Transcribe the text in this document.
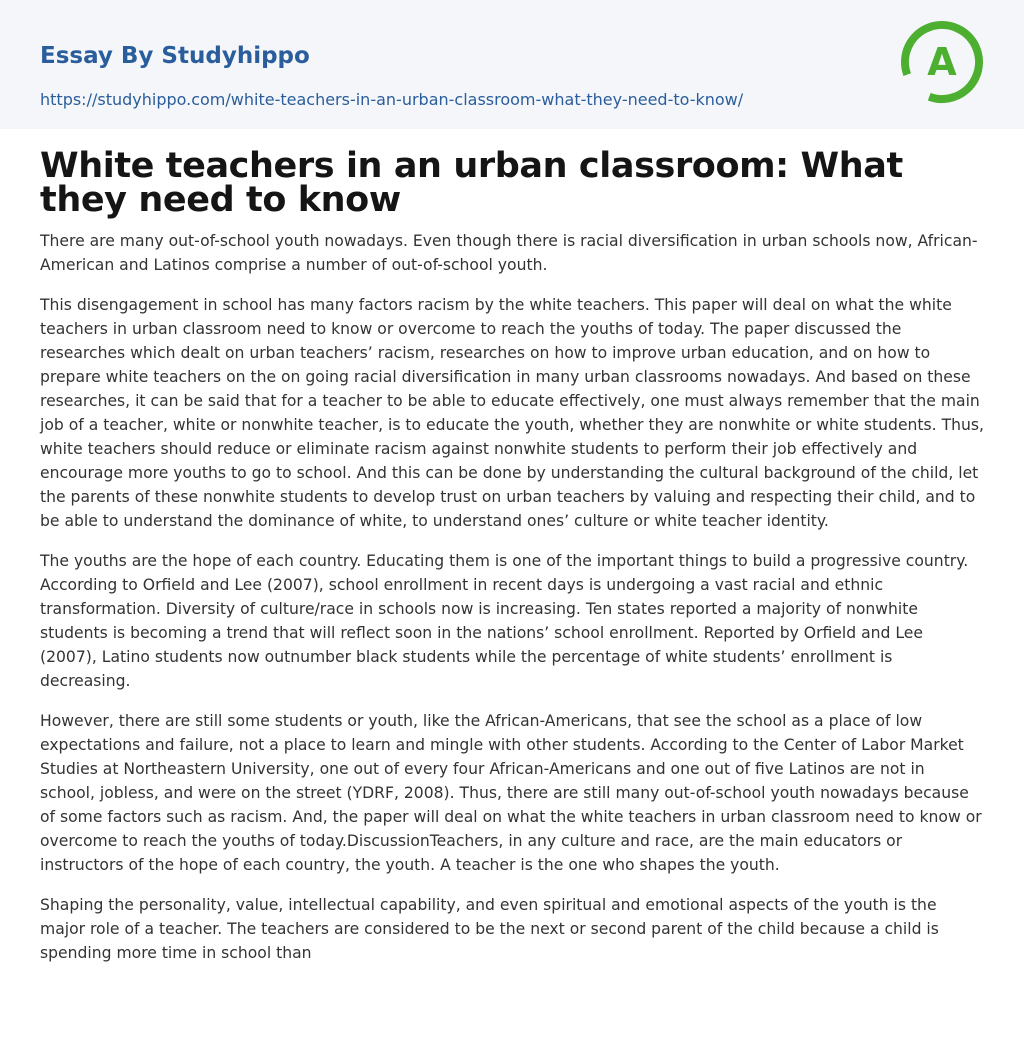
Essay By Studyhippo
https://studyhippo.com/white-teachers-in-an-urban-classroom-what-they-need-to-know/
A
White teachers in an urban classroom: What they need to know

There are many out-of-school youth nowadays. Even though there is racial diversification in urban schools now, African-American and Latinos comprise a number of out-of-school youth.

This disengagement in school has many factors racism by the white teachers. This paper will deal on what the white teachers in urban classroom need to know or overcome to reach the youths of today. The paper discussed the researches which dealt on urban teachers’ racism, researches on how to improve urban education, and on how to prepare white teachers on the on going racial diversification in many urban classrooms nowadays. And based on these researches, it can be said that for a teacher to be able to educate effectively, one must always remember that the main job of a teacher, white or nonwhite teacher, is to educate the youth, whether they are nonwhite or white students. Thus, white teachers should reduce or eliminate racism against nonwhite students to perform their job effectively and encourage more youths to go to school. And this can be done by understanding the cultural background of the child, let the parents of these nonwhite students to develop trust on urban teachers by valuing and respecting their child, and to be able to understand the dominance of white, to understand ones’ culture or white teacher identity.

The youths are the hope of each country. Educating them is one of the important things to build a progressive country. According to Orfield and Lee (2007), school enrollment in recent days is undergoing a vast racial and ethnic transformation. Diversity of culture/race in schools now is increasing. Ten states reported a majority of nonwhite students is becoming a trend that will reflect soon in the nations’ school enrollment. Reported by Orfield and Lee (2007), Latino students now outnumber black students while the percentage of white students’ enrollment is decreasing.

However, there are still some students or youth, like the African-Americans, that see the school as a place of low expectations and failure, not a place to learn and mingle with other students. According to the Center of Labor Market Studies at Northeastern University, one out of every four African-Americans and one out of five Latinos are not in school, jobless, and were on the street (YDRF, 2008). Thus, there are still many out-of-school youth nowadays because of some factors such as racism. And, the paper will deal on what the white teachers in urban classroom need to know or overcome to reach the youths of today.DiscussionTeachers, in any culture and race, are the main educators or instructors of the hope of each country, the youth. A teacher is the one who shapes the youth.

Shaping the personality, value, intellectual capability, and even spiritual and emotional aspects of the youth is the major role of a teacher. The teachers are considered to be the next or second parent of the child because a child is spending more time in school than
